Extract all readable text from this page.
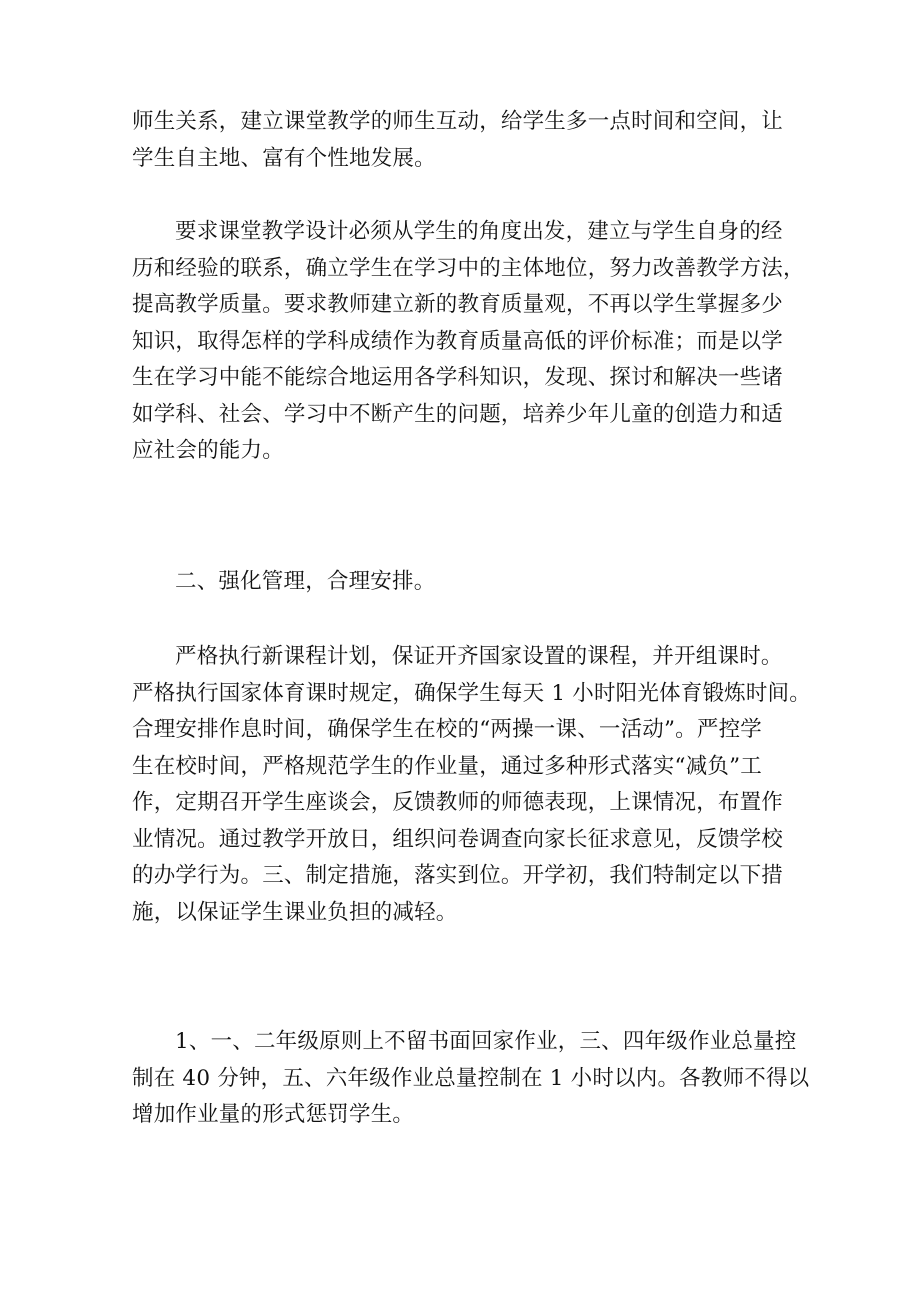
师生关系，建立课堂教学的师生互动，给学生多一点时间和空间，让
学生自主地、富有个性地发展。

要求课堂教学设计必须从学生的角度出发，建立与学生自身的经
历和经验的联系，确立学生在学习中的主体地位，努力改善教学方法，
提高教学质量。要求教师建立新的教育质量观，不再以学生掌握多少
知识，取得怎样的学科成绩作为教育质量高低的评价标准；而是以学
生在学习中能不能综合地运用各学科知识，发现、探讨和解决一些诸
如学科、社会、学习中不断产生的问题，培养少年儿童的创造力和适
应社会的能力。

二、强化管理，合理安排。

严格执行新课程计划，保证开齐国家设置的课程，并开组课时。
严格执行国家体育课时规定，确保学生每天 1 小时阳光体育锻炼时间。
合理安排作息时间，确保学生在校的“两操一课、一活动”。严控学
生在校时间，严格规范学生的作业量，通过多种形式落实“减负”工
作，定期召开学生座谈会，反馈教师的师德表现，上课情况，布置作
业情况。通过教学开放日，组织问卷调查向家长征求意见，反馈学校
的办学行为。三、制定措施，落实到位。开学初，我们特制定以下措
施，以保证学生课业负担的减轻。

1、一、二年级原则上不留书面回家作业，三、四年级作业总量控
制在 40 分钟，五、六年级作业总量控制在 1 小时以内。各教师不得以
增加作业量的形式惩罚学生。
